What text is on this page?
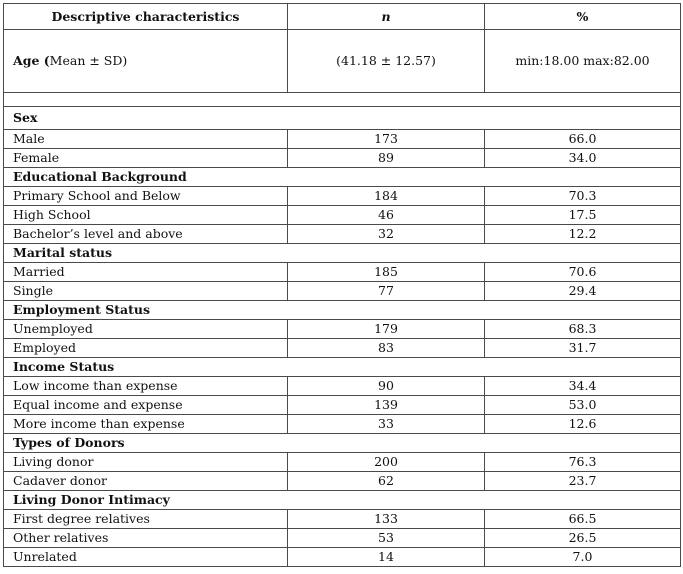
Descriptive characteristics	n	%
Age (Mean ± SD)	(41.18 ± 12.57)	min:18.00 max:82.00

Sex		
Male	173	66.0
Female	89	34.0
Educational Background		
Primary School and Below	184	70.3
High School	46	17.5
Bachelor’s level and above	32	12.2
Marital status		
Married	185	70.6
Single	77	29.4
Employment Status		
Unemployed	179	68.3
Employed	83	31.7
Income Status		
Low income than expense	90	34.4
Equal income and expense	139	53.0
More income than expense	33	12.6
Types of Donors		
Living donor	200	76.3
Cadaver donor	62	23.7
Living Donor Intimacy		
First degree relatives	133	66.5
Other relatives	53	26.5
Unrelated	14	7.0
